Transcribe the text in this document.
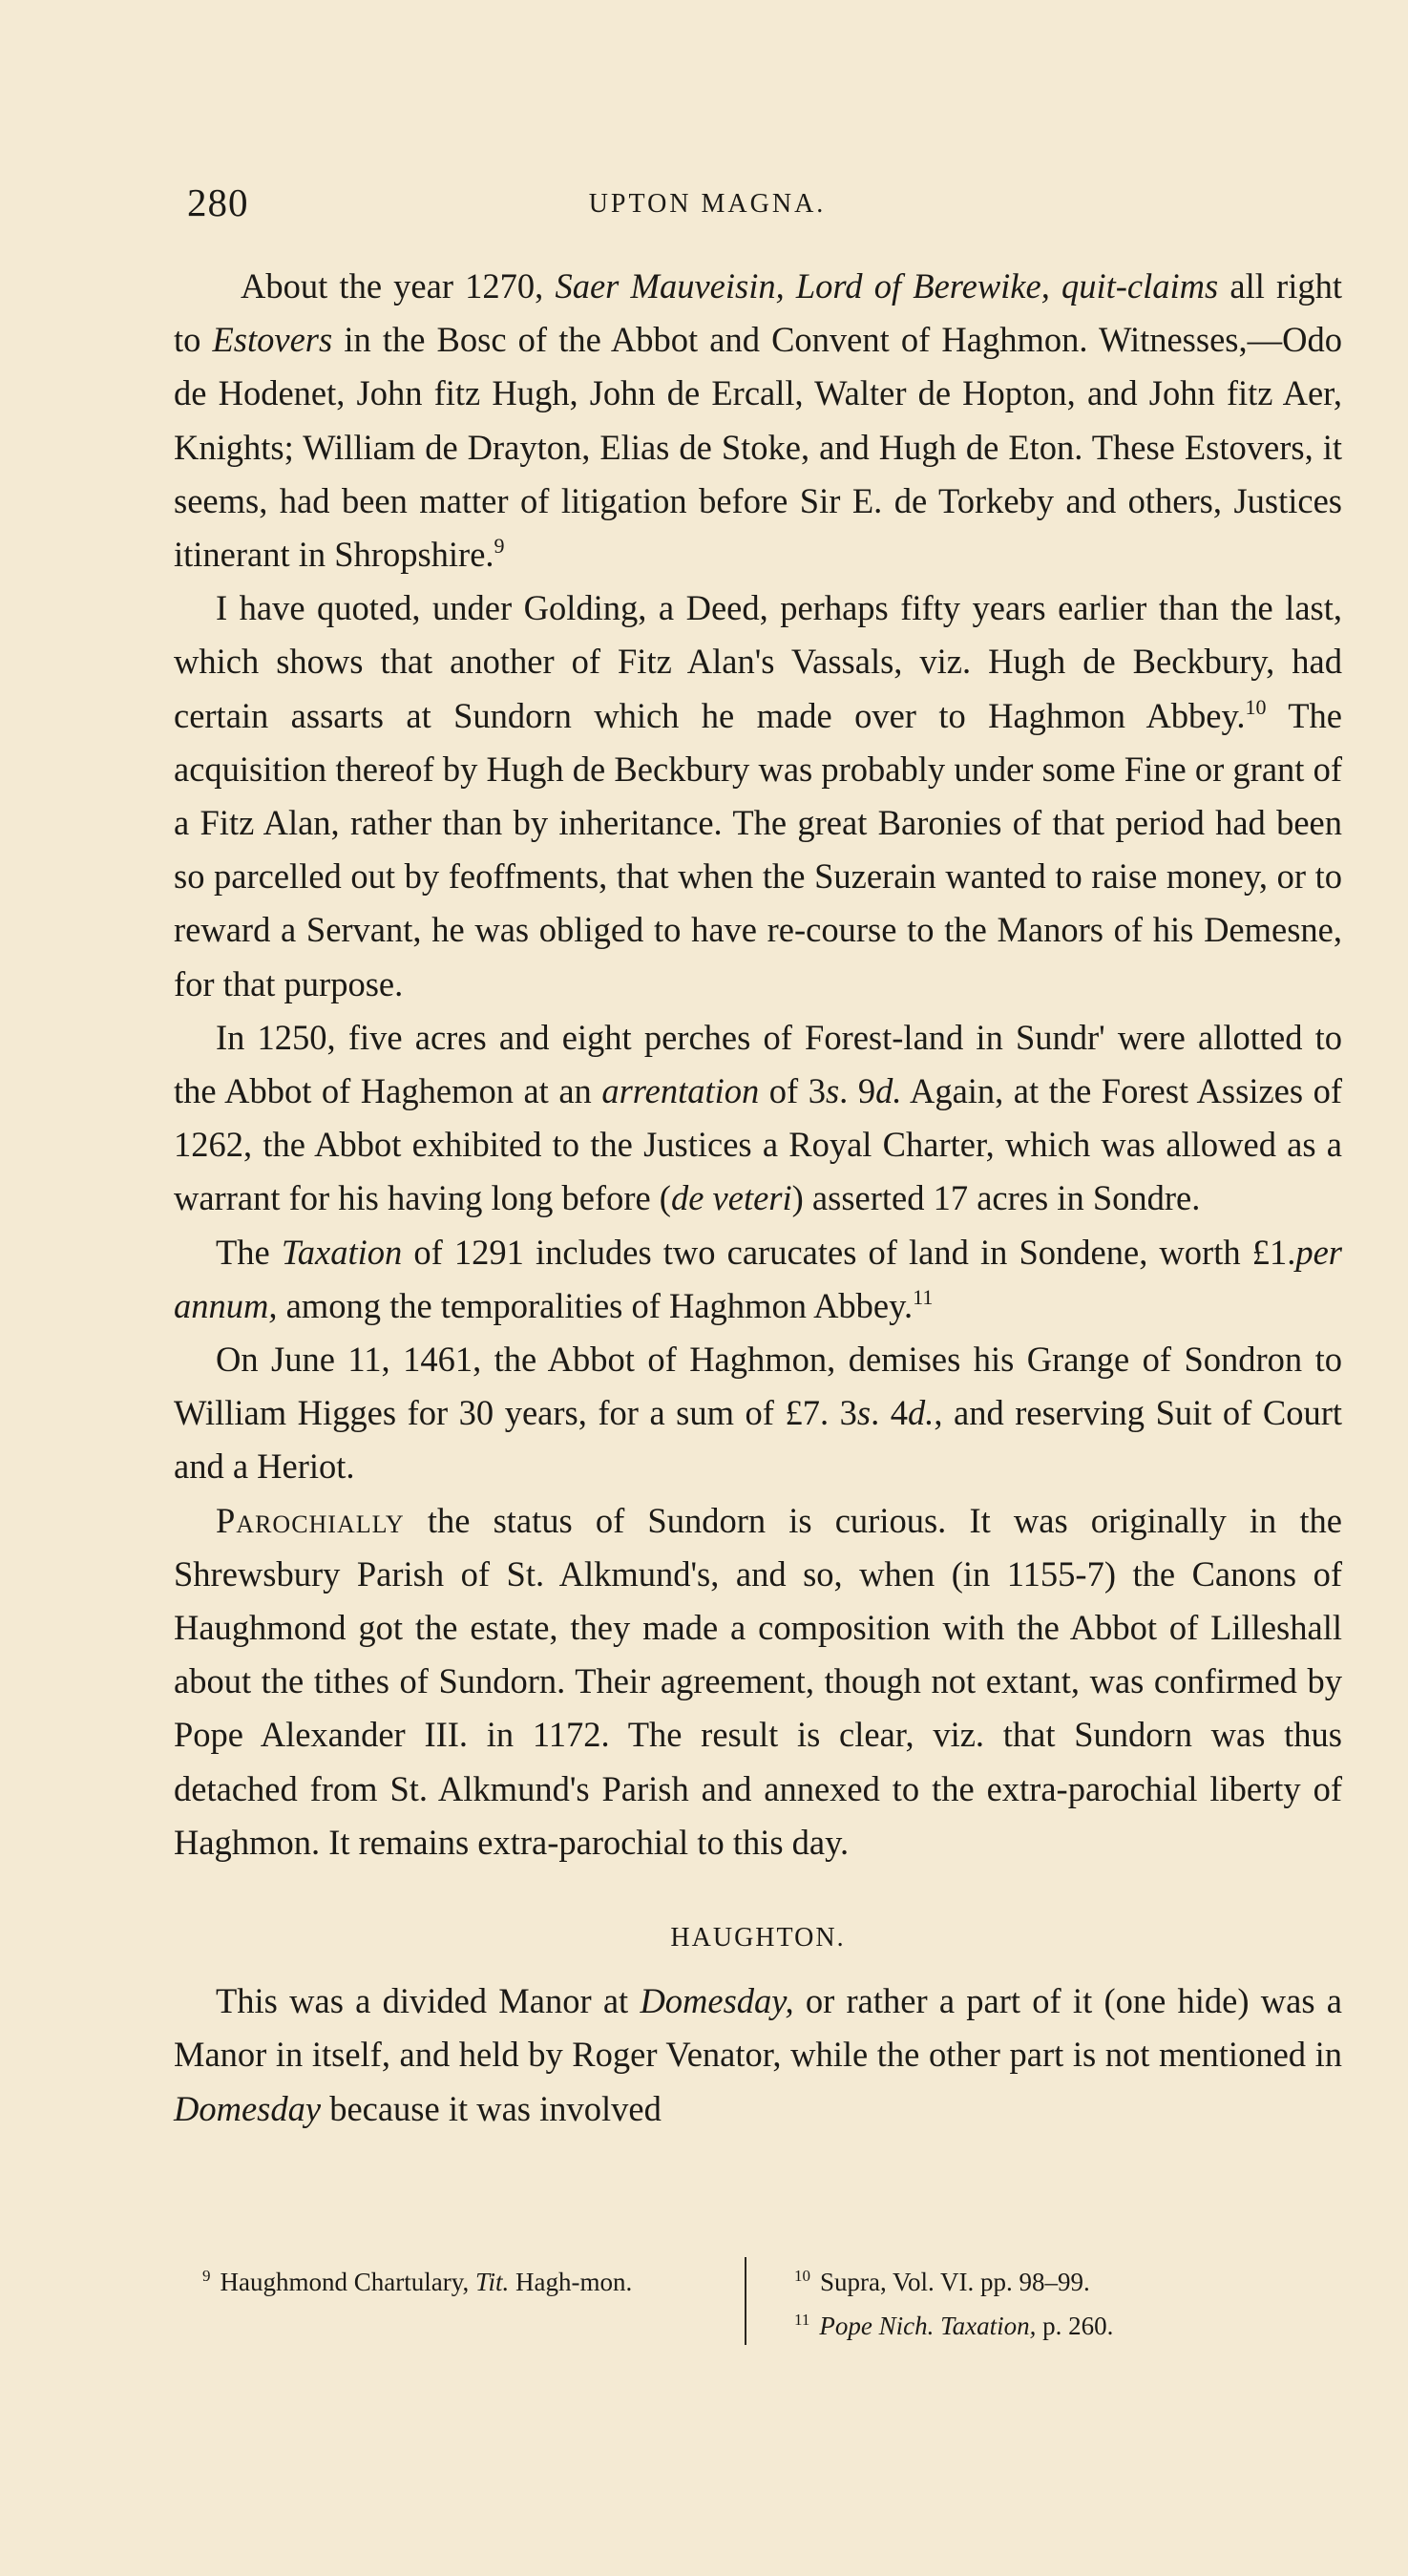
280	UPTON MAGNA.

About the year 1270, Saer Mauveisin, Lord of Berewike, quit-claims all right to Estovers in the Bosc of the Abbot and Convent of Haghmon. Witnesses,—Odo de Hodenet, John fitz Hugh, John de Ercall, Walter de Hopton, and John fitz Aer, Knights; William de Drayton, Elias de Stoke, and Hugh de Eton. These Estovers, it seems, had been matter of litigation before Sir E. de Torkeby and others, Justices itinerant in Shropshire.$^9$

I have quoted, under Golding, a Deed, perhaps fifty years earlier than the last, which shows that another of Fitz Alan's Vassals, viz. Hugh de Beckbury, had certain assarts at Sundorn which he made over to Haghmon Abbey.$^{10}$ The acquisition thereof by Hugh de Beckbury was probably under some Fine or grant of a Fitz Alan, rather than by inheritance. The great Baronies of that period had been so parcelled out by feoffments, that when the Suzerain wanted to raise money, or to reward a Servant, he was obliged to have re-course to the Manors of his Demesne, for that purpose.

In 1250, five acres and eight perches of Forest-land in Sundr' were allotted to the Abbot of Haghemon at an arrentation of 3s. 9d. Again, at the Forest Assizes of 1262, the Abbot exhibited to the Justices a Royal Charter, which was allowed as a warrant for his having long before (de veteri) asserted 17 acres in Sondre.

The Taxation of 1291 includes two carucates of land in Sondene, worth £1.per annum, among the temporalities of Haghmon Abbey.$^{11}$

On June 11, 1461, the Abbot of Haghmon, demises his Grange of Sondron to William Higges for 30 years, for a sum of £7. 3s. 4d., and reserving Suit of Court and a Heriot.

Parochially the status of Sundorn is curious. It was originally in the Shrewsbury Parish of St. Alkmund's, and so, when (in 1155-7) the Canons of Haughmond got the estate, they made a composition with the Abbot of Lilleshall about the tithes of Sundorn. Their agreement, though not extant, was confirmed by Pope Alexander III. in 1172. The result is clear, viz. that Sundorn was thus detached from St. Alkmund's Parish and annexed to the extra-parochial liberty of Haghmon. It remains extra-parochial to this day.

HAUGHTON.

This was a divided Manor at Domesday, or rather a part of it (one hide) was a Manor in itself, and held by Roger Venator, while the other part is not mentioned in Domesday because it was involved

$^9$ Haughmond Chartulary, Tit. Hagh-mon.	$^{10}$ Supra, Vol. VI. pp. 98–99.
$^{11}$ Pope Nich. Taxation, p. 260.
